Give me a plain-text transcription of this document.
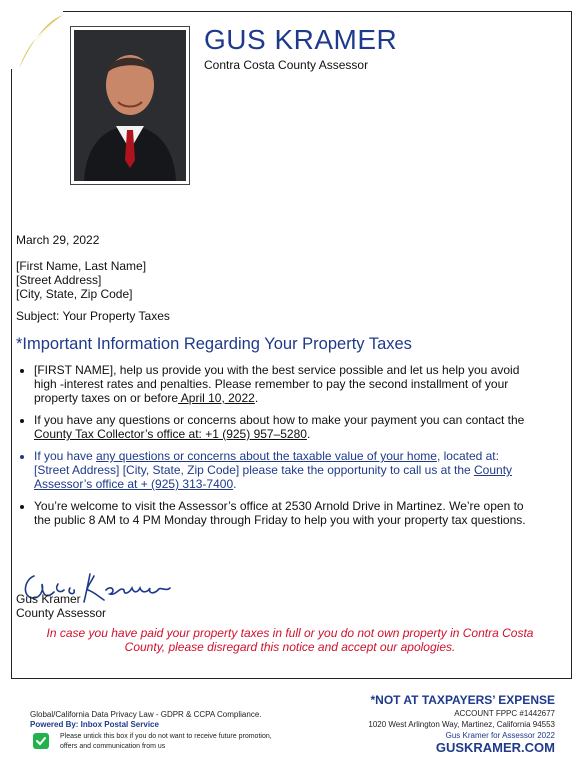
GUS KRAMER
Contra Costa County Assessor
March 29, 2022
[First Name, Last Name]
[Street Address]
[City, State, Zip Code]
Subject: Your Property Taxes
*Important Information Regarding Your Property Taxes
• [FIRST NAME], help us provide you with the best service possible and let us help you avoid high -interest rates and penalties. Please remember to pay the second installment of your property taxes on or before April 10, 2022.
• If you have any questions or concerns about how to make your payment you can contact the County Tax Collector’s office at: +1 (925) 957–5280.
• If you have any questions or concerns about the taxable value of your home, located at: [Street Address] [City, State, Zip Code] please take the opportunity to call us at the County Assessor’s office at + (925) 313-7400.
• You’re welcome to visit the Assessor’s office at 2530 Arnold Drive in Martinez. We’re open to the public 8 AM to 4 PM Monday through Friday to help you with your property tax questions.
Gus Kramer
County Assessor
In case you have paid your property taxes in full or you do not own property in Contra Costa County, please disregard this notice and accept our apologies.
Global/California Data Privacy Law - GDPR & CCPA Compliance.
Powered By: Inbox Postal Service
Please untick this box if you do not want to receive future promotion, offers and communication from us
*NOT AT TAXPAYERS’ EXPENSE
ACCOUNT FPPC #1442677
1020 West Arlington Way, Martinez, California 94553
Gus Kramer for Assessor 2022
GUSKRAMER.COM
